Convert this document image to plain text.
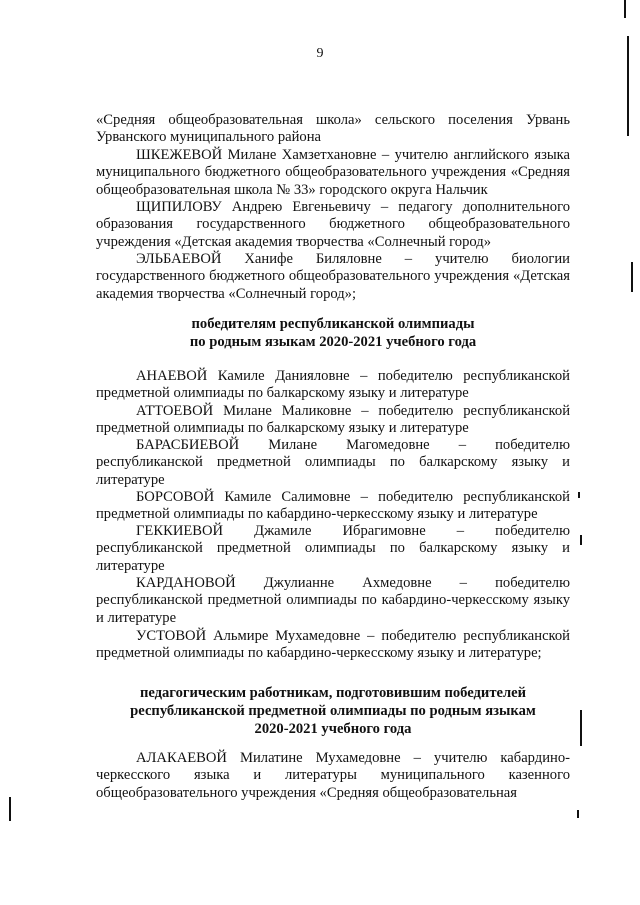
9
«Средняя общеобразовательная школа» сельского поселения Урвань Урванского муниципального района
ШКЕЖЕВОЙ Милане Хамзетхановне – учителю английского языка муниципального бюджетного общеобразовательного учреждения «Средняя общеобразовательная школа № 33» городского округа Нальчик
ЩИПИЛОВУ Андрею Евгеньевичу – педагогу дополнительного образования государственного бюджетного общеобразовательного учреждения «Детская академия творчества «Солнечный город»
ЭЛЬБАЕВОЙ Ханифе Биляловне – учителю биологии государственного бюджетного общеобразовательного учреждения «Детская академия творчества «Солнечный город»;
победителям республиканской олимпиады
по родным языкам 2020-2021 учебного года
АНАЕВОЙ Камиле Данияловне – победителю республиканской предметной олимпиады по балкарскому языку и литературе
АТТОЕВОЙ Милане Маликовне – победителю республиканской предметной олимпиады по балкарскому языку и литературе
БАРАСБИЕВОЙ Милане Магомедовне – победителю республиканской предметной олимпиады по балкарскому языку и литературе
БОРСОВОЙ Камиле Салимовне – победителю республиканской предметной олимпиады по кабардино-черкесскому языку и литературе
ГЕККИЕВОЙ Джамиле Ибрагимовне – победителю республиканской предметной олимпиады по балкарскому языку и литературе
КАРДАНОВОЙ Джулианне Ахмедовне – победителю республиканской предметной олимпиады по кабардино-черкесскому языку и литературе
УСТОВОЙ Альмире Мухамедовне – победителю республиканской предметной олимпиады по кабардино-черкесскому языку и литературе;
педагогическим работникам, подготовившим победителей
республиканской предметной олимпиады по родным языкам
2020-2021 учебного года
АЛАКАЕВОЙ Милатине Мухамедовне – учителю кабардино-черкесского языка и литературы муниципального казенного общеобразовательного учреждения «Средняя общеобразовательная
